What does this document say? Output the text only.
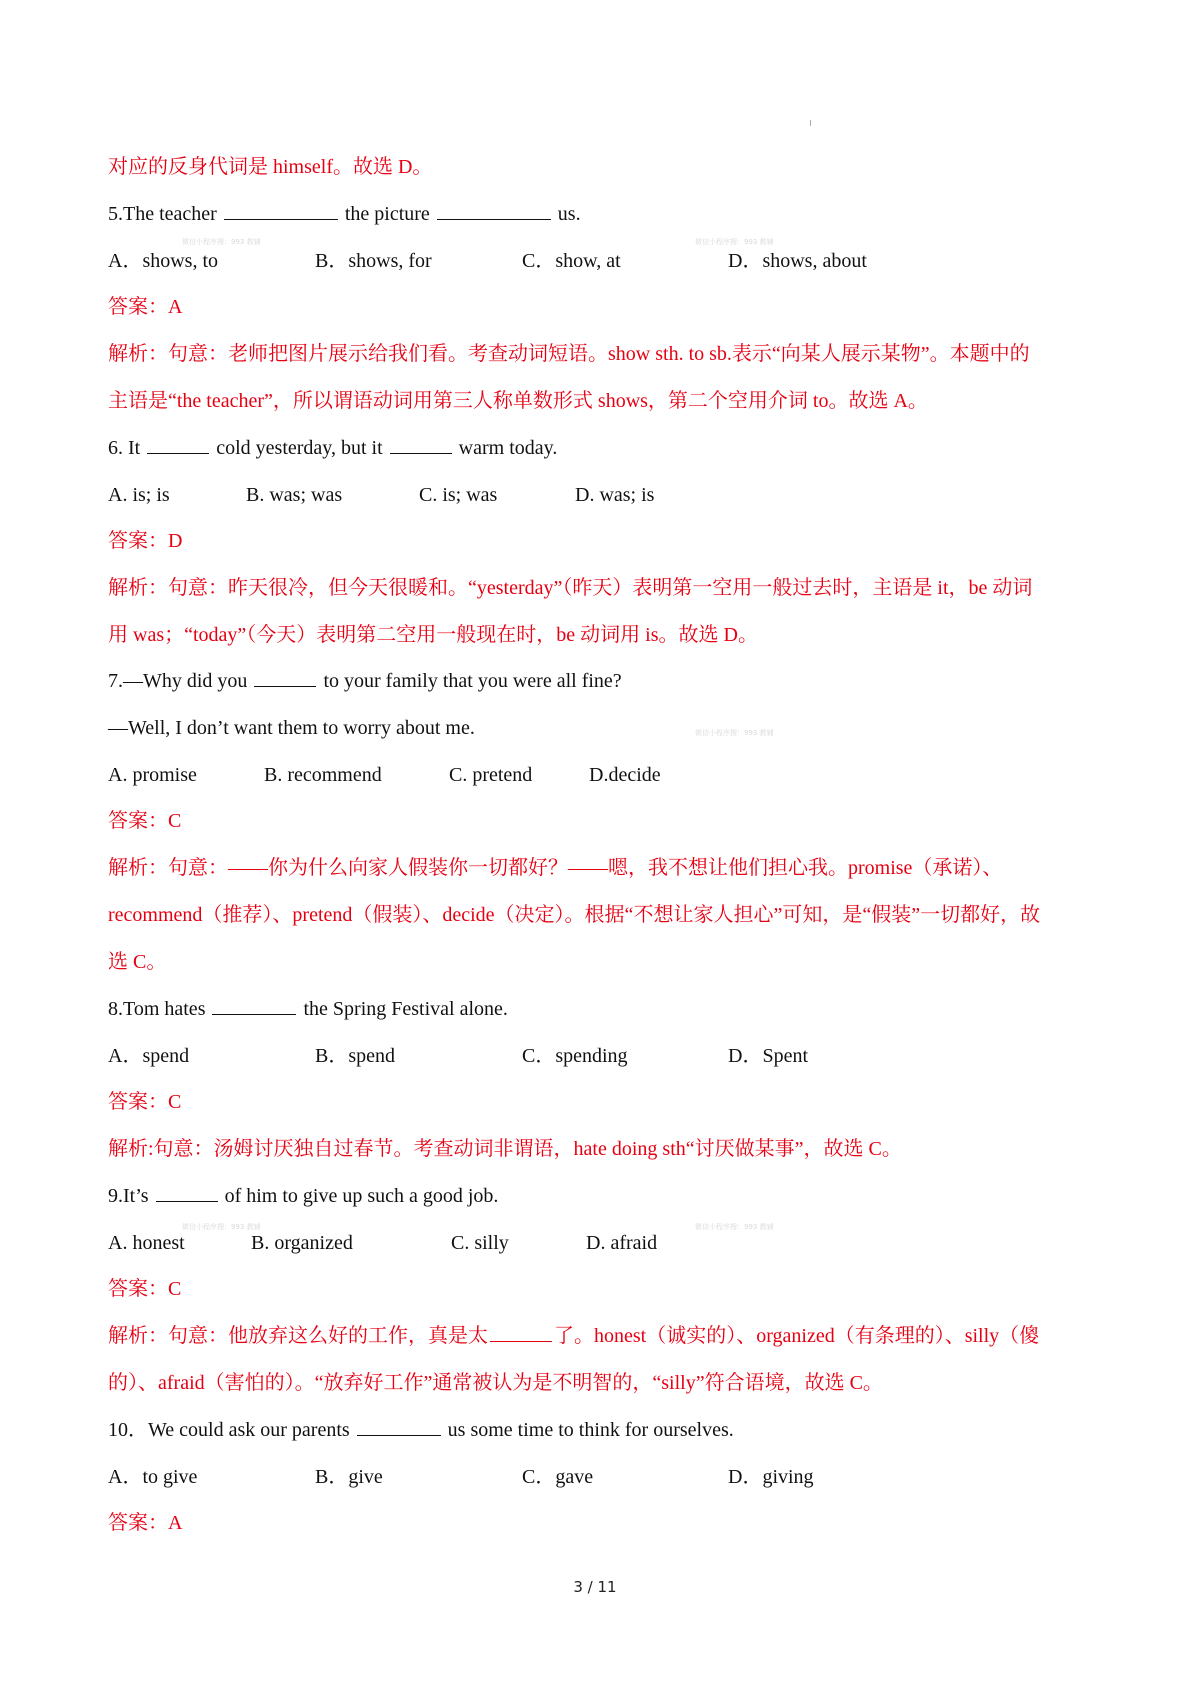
微信小程序搜：993 教辅	微信小程序搜：993 教辅
微信小程序搜：993 教辅
微信小程序搜：993 教辅	微信小程序搜：993 教辅
对应的反身代词是 himself。故选 D。
5.The teacher	the picture	us.
A．shows, to	B．shows, for	C．show, at	D．shows, about
答案：A
解析：句意：老师把图片展示给我们看。考查动词短语。show sth. to sb.表示“向某人展示某物”。本题中的
主语是“the teacher”，所以谓语动词用第三人称单数形式 shows，第二个空用介词 to。故选 A。
6. It	cold yesterday, but it	warm today.
A. is; is	B. was; was	C. is; was	D. was; is
答案：D
解析：句意：昨天很冷，但今天很暖和。“yesterday”（昨天）表明第一空用一般过去时，主语是 it，be 动词
用 was；“today”（今天）表明第二空用一般现在时，be 动词用 is。故选 D。
7.—Why did you	to your family that you were all fine?
—Well, I don’t want them to worry about me.
A. promise	B. recommend	C. pretend	D.decide
答案：C
解析：句意：——你为什么向家人假装你一切都好？——嗯，我不想让他们担心我。promise（承诺）、
recommend（推荐）、pretend（假装）、decide（决定）。根据“不想让家人担心”可知，是“假装”一切都好，故
选 C。
8.Tom hates	the Spring Festival alone.
A．spend	B．spend	C．spending	D．Spent
答案：C
解析:句意：汤姆讨厌独自过春节。考查动词非谓语，hate doing sth“讨厌做某事”，故选 C。
9.It’s	of him to give up such a good job.
A. honest	B. organized	C. silly	D. afraid
答案：C
解析：句意：他放弃这么好的工作，真是太	了。honest（诚实的）、organized（有条理的）、silly（傻
的）、afraid（害怕的）。“放弃好工作”通常被认为是不明智的，“silly”符合语境，故选 C。
10．We could ask our parents	us some time to think for ourselves.
A．to give	B．give	C．gave	D．giving
答案：A
3 / 11
